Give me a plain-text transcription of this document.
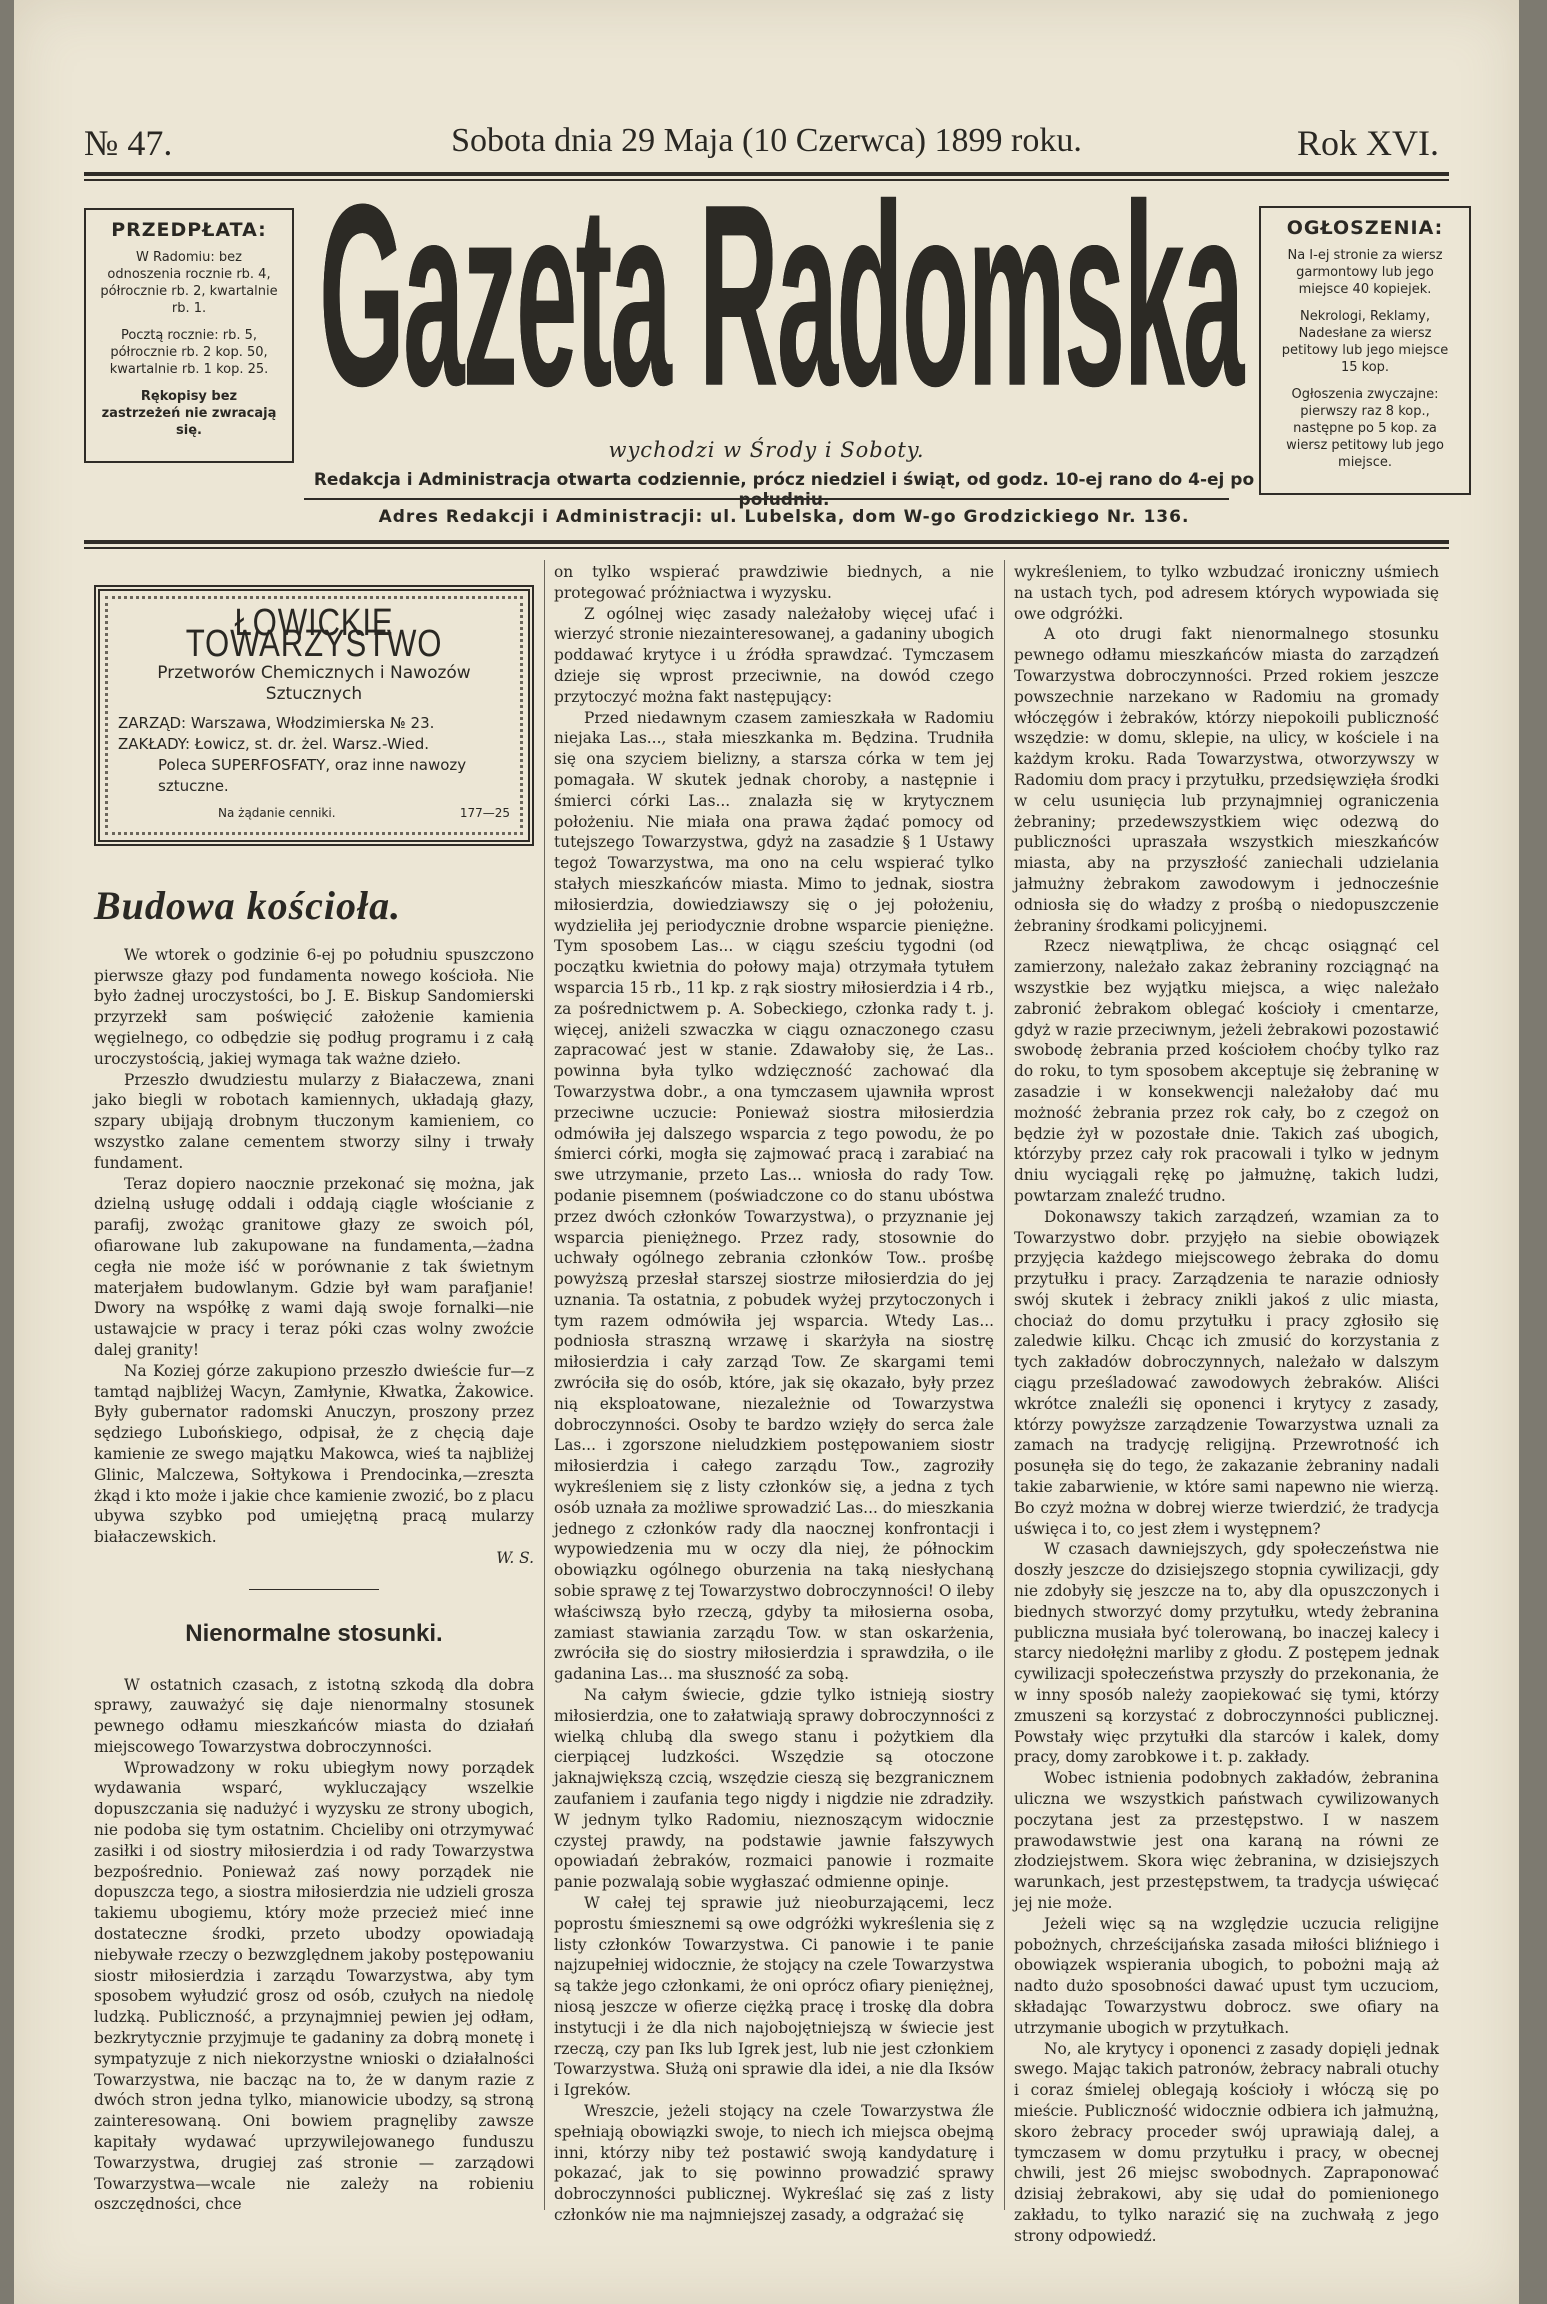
№ 47.	Sobota dnia 29 Maja (10 Czerwca) 1899 roku.	Rok XVI.
PRZEDPŁATA:

W Radomiu: bez odnoszenia rocznie rb. 4, półrocznie rb. 2, kwartalnie rb. 1.

Pocztą rocznie: rb. 5, półrocznie rb. 2 kop. 50, kwartalnie rb. 1 kop. 25.

Rękopisy bez zastrzeżeń nie zwracają się. Gazeta Radomska
wychodzi w Środy i Soboty.
OGŁOSZENIA:

Na I-ej stronie za wiersz garmontowy lub jego miejsce 40 kopiejek.

Nekrologi, Reklamy, Nadesłane za wiersz petitowy lub jego miejsce 15 kop.

Ogłoszenia zwyczajne: pierwszy raz 8 kop., następne po 5 kop. za wiersz petitowy lub jego miejsce.

Redakcja i Administracja otwarta codziennie, prócz niedziel i świąt, od godz. 10-ej rano do 4-ej po południu.
Adres Redakcji i Administracji: ul. Lubelska, dom W-go Grodzickiego Nr. 136.
ŁOWICKIE TOWARZYSTWO
Przetworów Chemicznych i Nawozów Sztucznych
ZARZĄD: Warszawa, Włodzimierska № 23.
ZAKŁADY: Łowicz, st. dr. żel. Warsz.-Wied.
Poleca SUPERFOSFATY, oraz inne nawozy sztuczne.
Na żądanie cenniki.	177—25
Budowa kościoła.

We wtorek o godzinie 6-ej po południu spuszczono pierwsze głazy pod fundamenta nowego kościoła. Nie było żadnej uroczystości, bo J. E. Biskup Sandomierski przyrzekł sam poświęcić założenie kamienia węgielnego, co odbędzie się podług programu i z całą uroczystością, jakiej wymaga tak ważne dzieło.

Przeszło dwudziestu mularzy z Białaczewa, znani jako biegli w robotach kamiennych, układają głazy, szpary ubijają drobnym tłuczonym kamieniem, co wszystko zalane cementem stworzy silny i trwały fundament.

Teraz dopiero naocznie przekonać się można, jak dzielną usługę oddali i oddają ciągle włościanie z parafij, zwożąc granitowe głazy ze swoich pól, ofiarowane lub zakupowane na fundamenta,—żadna cegła nie może iść w porównanie z tak świetnym materjałem budowlanym. Gdzie był wam parafjanie! Dwory na współkę z wami dają swoje fornalki—nie ustawajcie w pracy i teraz póki czas wolny zwoźcie dalej granity!

Na Koziej górze zakupiono przeszło dwieście fur—z tamtąd najbliżej Wacyn, Zamłynie, Kłwatka, Żakowice. Były gubernator radomski Anuczyn, proszony przez sędziego Lubońskiego, odpisał, że z chęcią daje kamienie ze swego majątku Makowca, wieś ta najbliżej Glinic, Malczewa, Sołtykowa i Prendocinka,—zreszta żkąd i kto może i jakie chce kamienie zwozić, bo z placu ubywa szybko pod umiejętną pracą mularzy białaczewskich.

W. S.
Nienormalne stosunki.

W ostatnich czasach, z istotną szkodą dla dobra sprawy, zauważyć się daje nienormalny stosunek pewnego odłamu mieszkańców miasta do działań miejscowego Towarzystwa dobroczynności.

Wprowadzony w roku ubiegłym nowy porządek wydawania wsparć, wykluczający wszelkie dopuszczania się nadużyć i wyzysku ze strony ubogich, nie podoba się tym ostatnim. Chcieliby oni otrzymywać zasiłki i od siostry miłosierdzia i od rady Towarzystwa bezpośrednio. Ponieważ zaś nowy porządek nie dopuszcza tego, a siostra miłosierdzia nie udzieli grosza takiemu ubogiemu, który może przecież mieć inne dostateczne środki, przeto ubodzy opowiadają niebywałe rzeczy o bezwzględnem jakoby postępowaniu siostr miłosierdzia i zarządu Towarzystwa, aby tym sposobem wyłudzić grosz od osób, czułych na niedolę ludzką. Publiczność, a przynajmniej pewien jej odłam, bezkrytycznie przyjmuje te gadaniny za dobrą monetę i sympatyzuje z nich niekorzystne wnioski o działalności Towarzystwa, nie bacząc na to, że w danym razie z dwóch stron jedna tylko, mianowicie ubodzy, są stroną zainteresowaną. Oni bowiem pragnęliby zawsze kapitały wydawać uprzywilejowanego funduszu Towarzystwa, drugiej zaś stronie — zarządowi Towarzystwa—wcale nie zależy na robieniu oszczędności, chce

on tylko wspierać prawdziwie biednych, a nie protegować próżniactwa i wyzysku.

Z ogólnej więc zasady należałoby więcej ufać i wierzyć stronie niezainteresowanej, a gadaniny ubogich poddawać krytyce i u źródła sprawdzać. Tymczasem dzieje się wprost przeciwnie, na dowód czego przytoczyć można fakt następujący:

Przed niedawnym czasem zamieszkała w Radomiu niejaka Las..., stała mieszkanka m. Będzina. Trudniła się ona szyciem bielizny, a starsza córka w tem jej pomagała. W skutek jednak choroby, a następnie i śmierci córki Las... znalazła się w krytycznem położeniu. Nie miała ona prawa żądać pomocy od tutejszego Towarzystwa, gdyż na zasadzie § 1 Ustawy tegoż Towarzystwa, ma ono na celu wspierać tylko stałych mieszkańców miasta. Mimo to jednak, siostra miłosierdzia, dowiedziawszy się o jej położeniu, wydzieliła jej periodycznie drobne wsparcie pieniężne. Tym sposobem Las... w ciągu sześciu tygodni (od początku kwietnia do połowy maja) otrzymała tytułem wsparcia 15 rb., 11 kp. z rąk siostry miłosierdzia i 4 rb., za pośrednictwem p. A. Sobeckiego, członka rady t. j. więcej, aniżeli szwaczka w ciągu oznaczonego czasu zapracować jest w stanie. Zdawałoby się, że Las.. powinna była tylko wdzięczność zachować dla Towarzystwa dobr., a ona tymczasem ujawniła wprost przeciwne uczucie: Ponieważ siostra miłosierdzia odmówiła jej dalszego wsparcia z tego powodu, że po śmierci córki, mogła się zajmować pracą i zarabiać na swe utrzymanie, przeto Las... wniosła do rady Tow. podanie pisemnem (poświadczone co do stanu ubóstwa przez dwóch członków Towarzystwa), o przyznanie jej wsparcia pieniężnego. Przez rady, stosownie do uchwały ogólnego zebrania członków Tow.. prośbę powyższą przesłał starszej siostrze miłosierdzia do jej uznania. Ta ostatnia, z pobudek wyżej przytoczonych i tym razem odmówiła jej wsparcia. Wtedy Las... podniosła straszną wrzawę i skarżyła na siostrę miłosierdzia i cały zarząd Tow. Ze skargami temi zwróciła się do osób, które, jak się okazało, były przez nią eksploatowane, niezależnie od Towarzystwa dobroczynności. Osoby te bardzo wzięły do serca żale Las... i zgorszone nieludzkiem postępowaniem siostr miłosierdzia i całego zarządu Tow., zagroziły wykreśleniem się z listy członków się, a jedna z tych osób uznała za możliwe sprowadzić Las... do mieszkania jednego z członków rady dla naocznej konfrontacji i wypowiedzenia mu w oczy dla niej, że północkim obowiązku ogólnego oburzenia na taką niesłychaną sobie sprawę z tej Towarzystwo dobroczynności! O ileby właściwszą było rzeczą, gdyby ta miłosierna osoba, zamiast stawiania zarządu Tow. w stan oskarżenia, zwróciła się do siostry miłosierdzia i sprawdziła, o ile gadanina Las... ma słuszność za sobą.

Na całym świecie, gdzie tylko istnieją siostry miłosierdzia, one to załatwiają sprawy dobroczynności z wielką chlubą dla swego stanu i pożytkiem dla cierpiącej ludzkości. Wszędzie są otoczone jaknajwiększą czcią, wszędzie cieszą się bezgranicznem zaufaniem i zaufania tego nigdy i nigdzie nie zdradziły. W jednym tylko Radomiu, nieznoszącym widocznie czystej prawdy, na podstawie jawnie fałszywych opowiadań żebraków, rozmaici panowie i rozmaite panie pozwalają sobie wygłaszać odmienne opinje.

W całej tej sprawie już nieoburzającemi, lecz poprostu śmiesznemi są owe odgróżki wykreślenia się z listy członków Towarzystwa. Ci panowie i te panie najzupełniej widocznie, że stojący na czele Towarzystwa są także jego członkami, że oni oprócz ofiary pieniężnej, niosą jeszcze w ofierze ciężką pracę i troskę dla dobra instytucji i że dla nich najobojętniejszą w świecie jest rzeczą, czy pan Iks lub Igrek jest, lub nie jest członkiem Towarzystwa. Służą oni sprawie dla idei, a nie dla Iksów i Igreków.

Wreszcie, jeżeli stojący na czele Towarzystwa źle spełniają obowiązki swoje, to niech ich miejsca obejmą inni, którzy niby też postawić swoją kandydaturę i pokazać, jak to się powinno prowadzić sprawy dobroczynności publicznej. Wykreślać się zaś z listy członków nie ma najmniejszej zasady, a odgrażać się

wykreśleniem, to tylko wzbudzać ironiczny uśmiech na ustach tych, pod adresem których wypowiada się owe odgróżki.

A oto drugi fakt nienormalnego stosunku pewnego odłamu mieszkańców miasta do zarządzeń Towarzystwa dobroczynności. Przed rokiem jeszcze powszechnie narzekano w Radomiu na gromady włóczęgów i żebraków, którzy niepokoili publiczność wszędzie: w domu, sklepie, na ulicy, w kościele i na każdym kroku. Rada Towarzystwa, otworzywszy w Radomiu dom pracy i przytułku, przedsięwzięła środki w celu usunięcia lub przynajmniej ograniczenia żebraniny; przedewszystkiem więc odezwą do publiczności upraszała wszystkich mieszkańców miasta, aby na przyszłość zaniechali udzielania jałmużny żebrakom zawodowym i jednocześnie odniosła się do władzy z prośbą o niedopuszczenie żebraniny środkami policyjnemi.

Rzecz niewątpliwa, że chcąc osiągnąć cel zamierzony, należało zakaz żebraniny rozciągnąć na wszystkie bez wyjątku miejsca, a więc należało zabronić żebrakom oblegać kościoły i cmentarze, gdyż w razie przeciwnym, jeżeli żebrakowi pozostawić swobodę żebrania przed kościołem choćby tylko raz do roku, to tym sposobem akceptuje się żebraninę w zasadzie i w konsekwencji należałoby dać mu możność żebrania przez rok cały, bo z czegoż on będzie żył w pozostałe dnie. Takich zaś ubogich, którzyby przez cały rok pracowali i tylko w jednym dniu wyciągali rękę po jałmużnę, takich ludzi, powtarzam znaleźć trudno.

Dokonawszy takich zarządzeń, wzamian za to Towarzystwo dobr. przyjęło na siebie obowiązek przyjęcia każdego miejscowego żebraka do domu przytułku i pracy. Zarządzenia te narazie odniosły swój skutek i żebracy znikli jakoś z ulic miasta, chociaż do domu przytułku i pracy zgłosiło się zaledwie kilku. Chcąc ich zmusić do korzystania z tych zakładów dobroczynnych, należało w dalszym ciągu prześladować zawodowych żebraków. Aliści wkrótce znaleźli się oponenci i krytycy z zasady, którzy powyższe zarządzenie Towarzystwa uznali za zamach na tradycję religijną. Przewrotność ich posunęła się do tego, że zakazanie żebraniny nadali takie zabarwienie, w które sami napewno nie wierzą. Bo czyż można w dobrej wierze twierdzić, że tradycja uświęca i to, co jest złem i występnem?

W czasach dawniejszych, gdy społeczeństwa nie doszły jeszcze do dzisiejszego stopnia cywilizacji, gdy nie zdobyły się jeszcze na to, aby dla opuszczonych i biednych stworzyć domy przytułku, wtedy żebranina publiczna musiała być tolerowaną, bo inaczej kalecy i starcy niedołężni marliby z głodu. Z postępem jednak cywilizacji społeczeństwa przyszły do przekonania, że w inny sposób należy zaopiekować się tymi, którzy zmuszeni są korzystać z dobroczynności publicznej. Powstały więc przytułki dla starców i kalek, domy pracy, domy zarobkowe i t. p. zakłady.

Wobec istnienia podobnych zakładów, żebranina uliczna we wszystkich państwach cywilizowanych poczytana jest za przestępstwo. I w naszem prawodawstwie jest ona karaną na równi ze złodziejstwem. Skora więc żebranina, w dzisiejszych warunkach, jest przestępstwem, ta tradycja uświęcać jej nie może.

Jeżeli więc są na względzie uczucia religijne pobożnych, chrześcijańska zasada miłości bliźniego i obowiązek wspierania ubogich, to pobożni mają aż nadto dużo sposobności dawać upust tym uczuciom, składając Towarzystwu dobrocz. swe ofiary na utrzymanie ubogich w przytułkach.

No, ale krytycy i oponenci z zasady dopięli jednak swego. Mając takich patronów, żebracy nabrali otuchy i coraz śmielej oblegają kościoły i włóczą się po mieście. Publiczność widocznie odbiera ich jałmużną, skoro żebracy proceder swój uprawiają dalej, a tymczasem w domu przytułku i pracy, w obecnej chwili, jest 26 miejsc swobodnych. Zapraponować dzisiaj żebrakowi, aby się udał do pomienionego zakładu, to tylko narazić się na zuchwałą z jego strony odpowiedź.
